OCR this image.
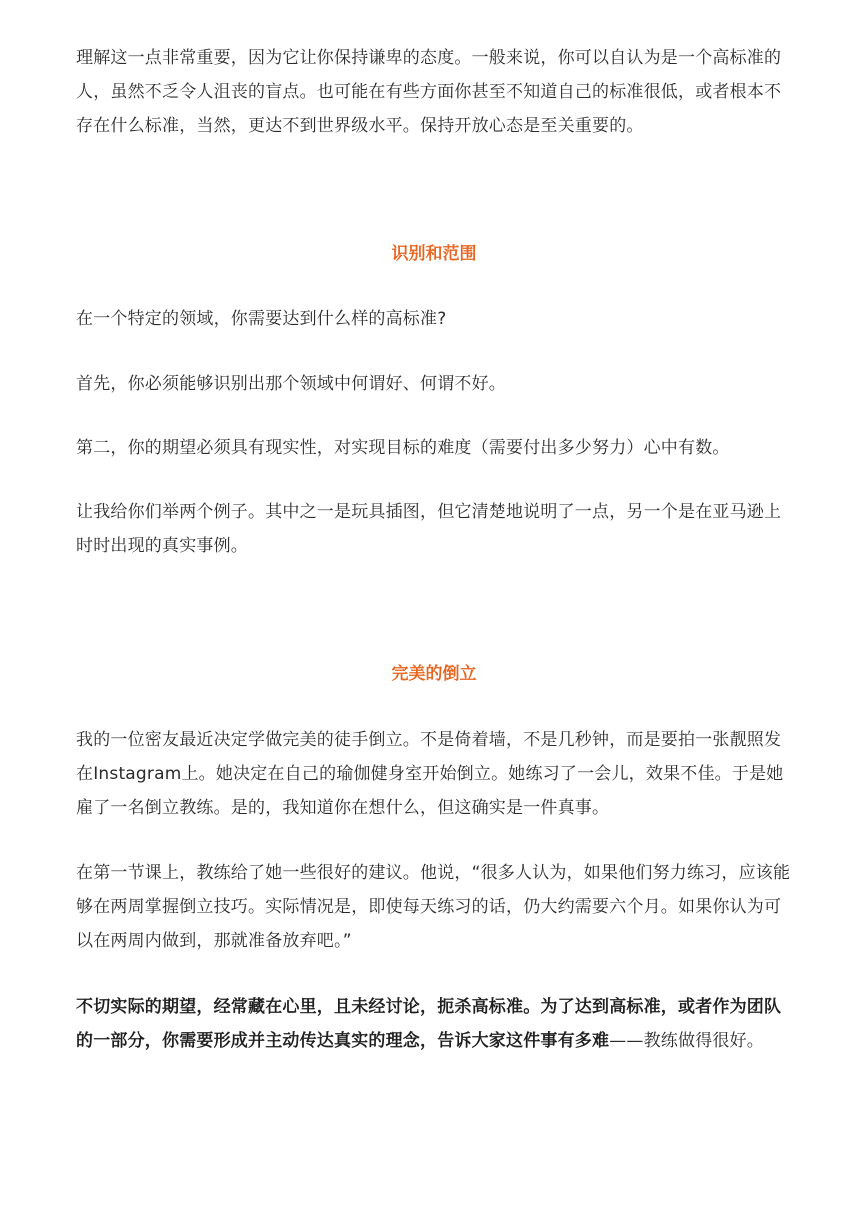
理解这一点非常重要，因为它让你保持谦卑的态度。一般来说，你可以自认为是一个高标准的人，虽然不乏令人沮丧的盲点。也可能在有些方面你甚至不知道自己的标准很低，或者根本不存在什么标准，当然，更达不到世界级水平。保持开放心态是至关重要的。

识别和范围

在一个特定的领域，你需要达到什么样的高标准?

首先，你必须能够识别出那个领域中何谓好、何谓不好。

第二，你的期望必须具有现实性，对实现目标的难度（需要付出多少努力）心中有数。

让我给你们举两个例子。其中之一是玩具插图，但它清楚地说明了一点，另一个是在亚马逊上时时出现的真实事例。

完美的倒立

我的一位密友最近决定学做完美的徒手倒立。不是倚着墙，不是几秒钟，而是要拍一张靓照发在Instagram上。她决定在自己的瑜伽健身室开始倒立。她练习了一会儿，效果不佳。于是她雇了一名倒立教练。是的，我知道你在想什么，但这确实是一件真事。

在第一节课上，教练给了她一些很好的建议。他说，“很多人认为，如果他们努力练习，应该能够在两周掌握倒立技巧。实际情况是，即使每天练习的话，仍大约需要六个月。如果你认为可以在两周内做到，那就准备放弃吧。”

不切实际的期望，经常藏在心里，且未经讨论，扼杀高标准。为了达到高标准，或者作为团队的一部分，你需要形成并主动传达真实的理念，告诉大家这件事有多难——教练做得很好。
